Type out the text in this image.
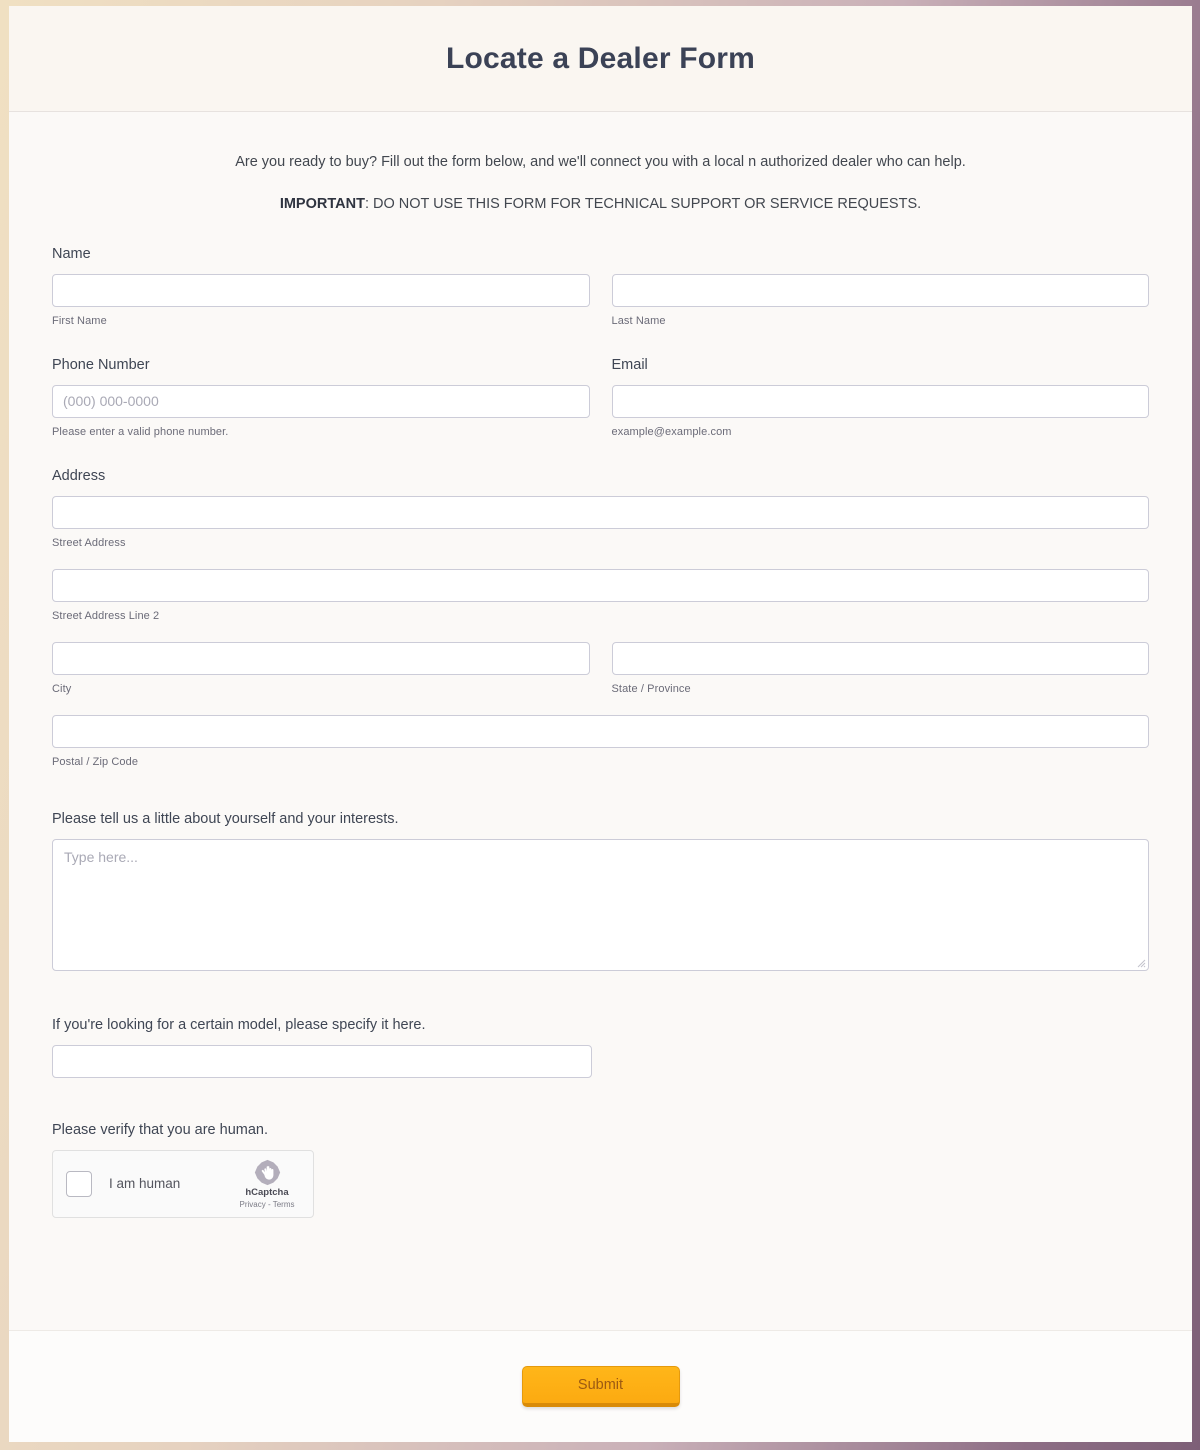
Locate a Dealer Form

Are you ready to buy? Fill out the form below, and we'll connect you with a local n authorized dealer who can help.

IMPORTANT: DO NOT USE THIS FORM FOR TECHNICAL SUPPORT OR SERVICE REQUESTS.

Name
First Name	Last Name
Phone Number	Email
(000) 000-0000
Please enter a valid phone number.	example@example.com
Address
Street Address
Street Address Line 2
City	State / Province
Postal / Zip Code
Please tell us a little about yourself and your interests.
Type here...
If you're looking for a certain model, please specify it here.
Please verify that you are human.
I am human
hCaptcha
Privacy - Terms
Submit
